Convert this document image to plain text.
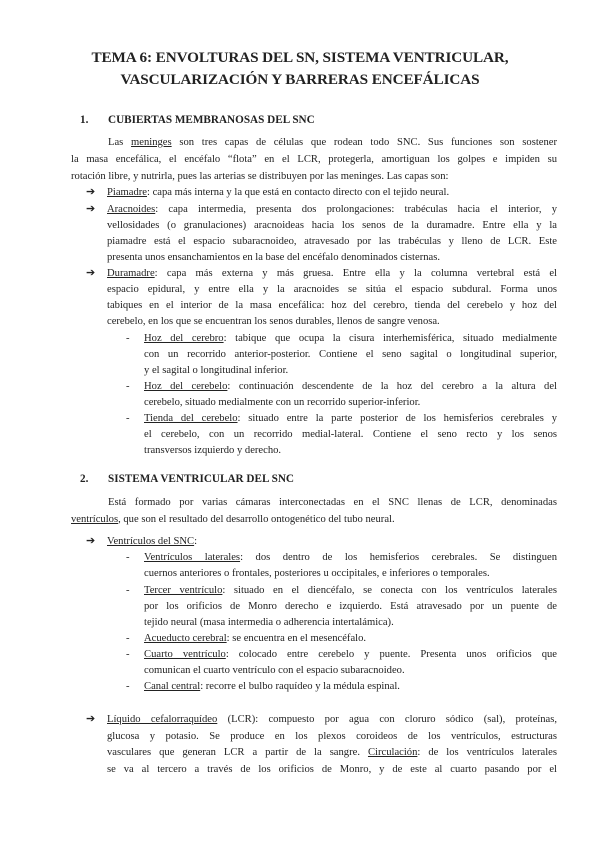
TEMA 6: ENVOLTURAS DEL SN, SISTEMA VENTRICULAR,
VASCULARIZACIÓN Y BARRERAS ENCEFÁLICAS
1. CUBIERTAS MEMBRANOSAS DEL SNC
Las meninges son tres capas de células que rodean todo SNC. Sus funciones son sostener
la masa encefálica, el encéfalo “flota” en el LCR, protegerla, amortiguan los golpes e impiden su
rotación libre, y nutrirla, pues las arterias se distribuyen por las meninges. Las capas son:
➔ Piamadre: capa más interna y la que está en contacto directo con el tejido neural.
➔ Aracnoides: capa intermedia, presenta dos prolongaciones: trabéculas hacia el interior, y
vellosidades (o granulaciones) aracnoideas hacia los senos de la duramadre. Entre ella y la
piamadre está el espacio subaracnoideo, atravesado por las trabéculas y lleno de LCR. Este
presenta unos ensanchamientos en la base del encéfalo denominados cisternas.
➔ Duramadre: capa más externa y más gruesa. Entre ella y la columna vertebral está el
espacio epidural, y entre ella y la aracnoides se sitúa el espacio subdural. Forma unos
tabiques en el interior de la masa encefálica: hoz del cerebro, tienda del cerebelo y hoz del
cerebelo, en los que se encuentran los senos durables, llenos de sangre venosa.
- Hoz del cerebro: tabique que ocupa la cisura interhemisférica, situado medialmente
con un recorrido anterior-posterior. Contiene el seno sagital o longitudinal superior,
y el sagital o longitudinal inferior.
- Hoz del cerebelo: continuación descendente de la hoz del cerebro a la altura del
cerebelo, situado medialmente con un recorrido superior-inferior.
- Tienda del cerebelo: situado entre la parte posterior de los hemisferios cerebrales y
el cerebelo, con un recorrido medial-lateral. Contiene el seno recto y los senos
transversos izquierdo y derecho.
2. SISTEMA VENTRICULAR DEL SNC
Está formado por varias cámaras interconectadas en el SNC llenas de LCR, denominadas
ventrículos, que son el resultado del desarrollo ontogenético del tubo neural.
➔ Ventrículos del SNC:
- Ventrículos laterales: dos dentro de los hemisferios cerebrales. Se distinguen
cuernos anteriores o frontales, posteriores u occipitales, e inferiores o temporales.
- Tercer ventrículo: situado en el diencéfalo, se conecta con los ventrículos laterales
por los orificios de Monro derecho e izquierdo. Está atravesado por un puente de
tejido neural (masa intermedia o adherencia intertalámica).
- Acueducto cerebral: se encuentra en el mesencéfalo.
- Cuarto ventrículo: colocado entre cerebelo y puente. Presenta unos orificios que
comunican el cuarto ventrículo con el espacio subaracnoideo.
- Canal central: recorre el bulbo raquídeo y la médula espinal.
➔ Líquido cefalorraquídeo (LCR): compuesto por agua con cloruro sódico (sal), proteínas,
glucosa y potasio. Se produce en los plexos coroideos de los ventrículos, estructuras
vasculares que generan LCR a partir de la sangre. Circulación: de los ventrículos laterales
se va al tercero a través de los orificios de Monro, y de este al cuarto pasando por el
